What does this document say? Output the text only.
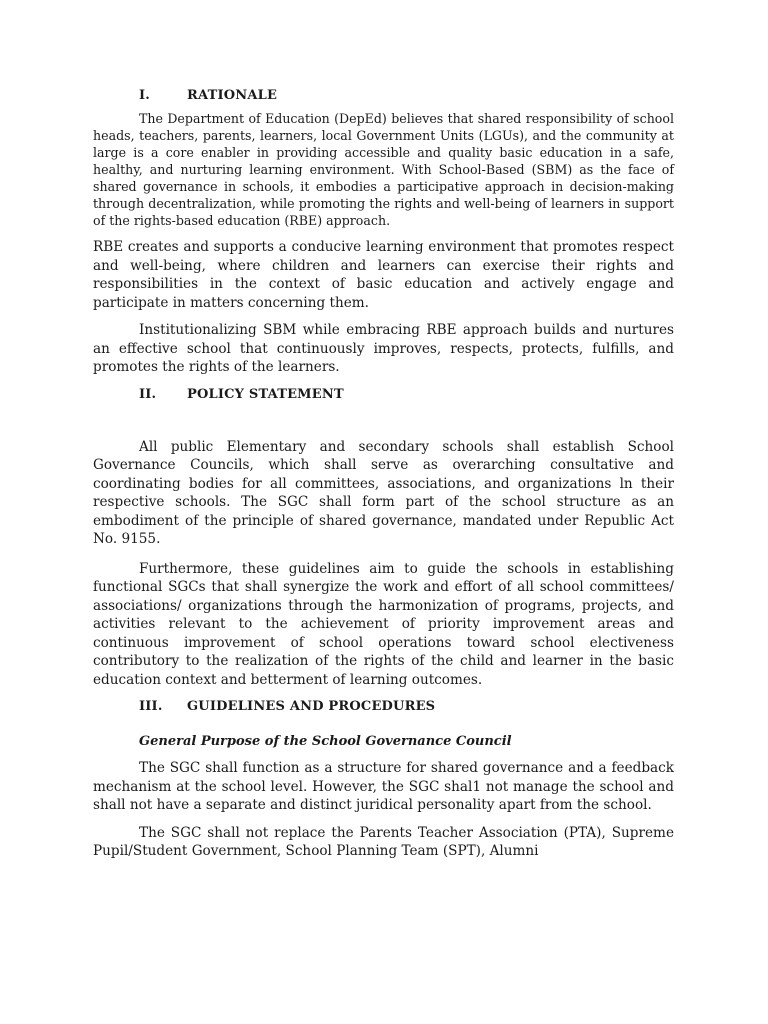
I.	RATIONALE

The Department of Education (DepEd) believes that shared responsibility of school heads, teachers, parents, learners, local Government Units (LGUs), and the community at large is a core enabler in providing accessible and quality basic education in a safe, healthy, and nurturing learning environment. With School-Based (SBM) as the face of shared governance in schools, it embodies a participative approach in decision-making through decentralization, while promoting the rights and well-being of learners in support of the rights-based education (RBE) approach.

RBE creates and supports a conducive learning environment that promotes respect and well-being, where children and learners can exercise their rights and responsibilities in the context of basic education and actively engage and participate in matters concerning them.

Institutionalizing SBM while embracing RBE approach builds and nurtures an effective school that continuously improves, respects, protects, fulfills, and promotes the rights of the learners.

II.	POLICY STATEMENT

All public Elementary and secondary schools shall establish School Governance Councils, which shall serve as overarching consultative and coordinating bodies for all committees, associations, and organizations ln their respective schools. The SGC shall form part of the school structure as an embodiment of the principle of shared governance, mandated under Republic Act No. 9155.

Furthermore, these guidelines aim to guide the schools in establishing functional SGCs that shall synergize the work and effort of all school committees/ associations/ organizations through the harmonization of programs, projects, and activities relevant to the achievement of priority improvement areas and continuous improvement of school operations toward school electiveness contributory to the realization of the rights of the child and learner in the basic education context and betterment of learning outcomes.

III.	GUIDELINES AND PROCEDURES

General Purpose of the School Governance Council

The SGC shall function as a structure for shared governance and a feedback mechanism at the school level. However, the SGC shal1 not manage the school and shall not have a separate and distinct juridical personality apart from the school.

The SGC shall not replace the Parents Teacher Association (PTA), Supreme Pupil/Student Government, School Planning Team (SPT), Alumni
